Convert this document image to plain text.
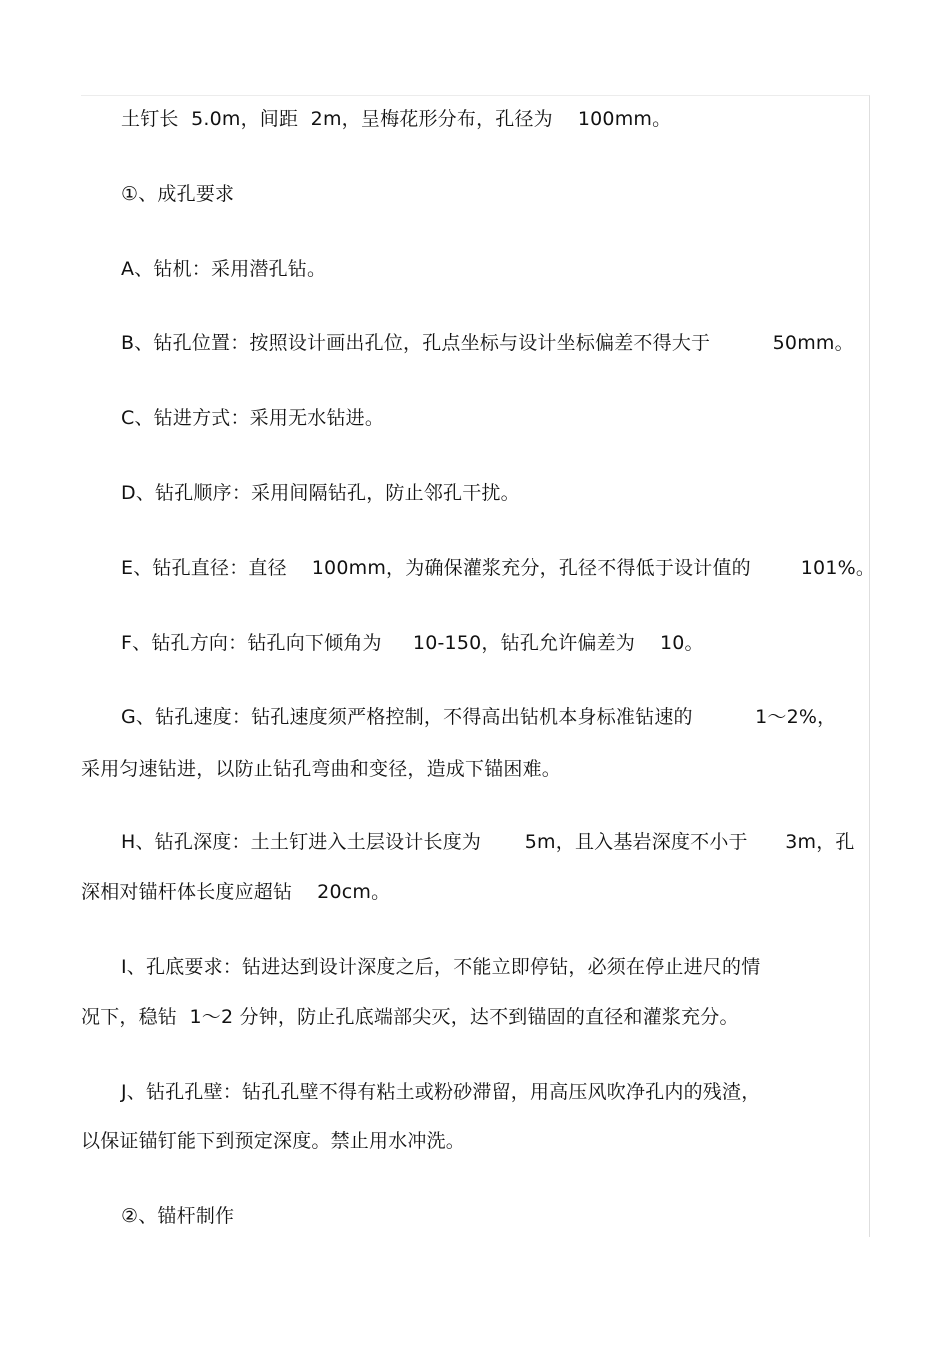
土钉长  5.0m，间距  2m，呈梅花形分布，孔径为    100mm。
①、成孔要求
A、钻机：采用潜孔钻。
B、钻孔位置：按照设计画出孔位，孔点坐标与设计坐标偏差不得大于          50mm。
C、钻进方式：采用无水钻进。
D、钻孔顺序：采用间隔钻孔，防止邻孔干扰。
E、钻孔直径：直径    100mm，为确保灌浆充分，孔径不得低于设计值的        101%。
F、钻孔方向：钻孔向下倾角为     10-150，钻孔允许偏差为    10。
G、钻孔速度：钻孔速度须严格控制，不得高出钻机本身标准钻速的          1～2%，
采用匀速钻进，以防止钻孔弯曲和变径，造成下锚困难。
H、钻孔深度：土土钉进入土层设计长度为       5m，且入基岩深度不小于      3m，孔
深相对锚杆体长度应超钻    20cm。
I、孔底要求：钻进达到设计深度之后，不能立即停钻，必须在停止进尺的情
况下，稳钻  1～2 分钟，防止孔底端部尖灭，达不到锚固的直径和灌浆充分。
J、钻孔孔壁：钻孔孔壁不得有粘土或粉砂滞留，用高压风吹净孔内的残渣，
以保证锚钉能下到预定深度。禁止用水冲洗。
②、锚杆制作
